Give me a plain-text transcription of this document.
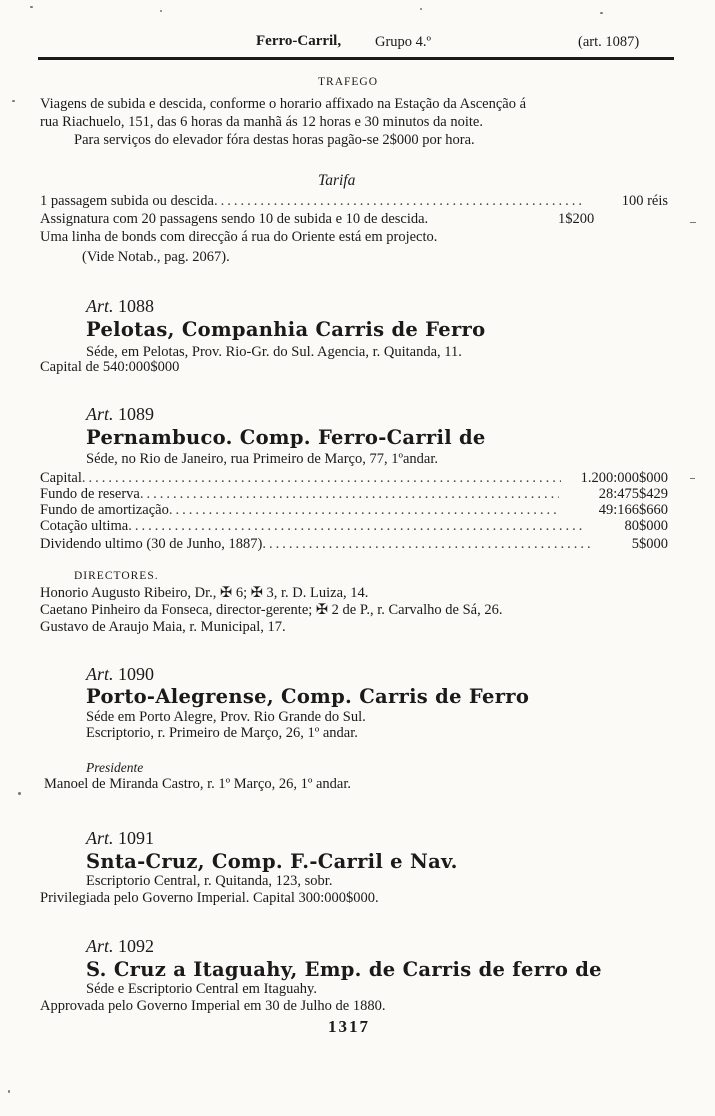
Ferro-Carril, Grupo 4.º	(art. 1087)
TRAFEGO
Viagens de subida e descida, conforme o horario affixado na Estação da Ascenção á
rua Riachuelo, 151, das 6 horas da manhã ás 12 horas e 30 minutos da noite.
Para serviços do elevador fóra destas horas pagão-se 2$000 por hora.
Tarifa
1 passagem subida ou descida .....	100 réis
Assignatura com 20 passagens sendo 10 de subida e 10 de descida.	1$200
Uma linha de bonds com direcção á rua do Oriente está em projecto.
(Vide Notab., pag. 2067).
Art. 1088
Pelotas, Companhia Carris de Ferro
Séde, em Pelotas, Prov. Rio-Gr. do Sul. Agencia, r. Quitanda, 11.
Capital de 540:000$000
Art. 1089
Pernambuco. Comp. Ferro-Carril de
Séde, no Rio de Janeiro, rua Primeiro de Março, 77, 1ºandar.
Capital .....	1.200:000$000
Fundo de reserva .....	28:475$429
Fundo de amortização .....	49:166$660
Cotação ultima .....	80$000
Dividendo ultimo (30 de Junho, 1887) .....	5$000
DIRECTORES.
Honorio Augusto Ribeiro, Dr., ✠ 6; ✠ 3, r. D. Luiza, 14.
Caetano Pinheiro da Fonseca, director-gerente; ✠ 2 de P., r. Carvalho de Sá, 26.
Gustavo de Araujo Maia, r. Municipal, 17.
Art. 1090
Porto-Alegrense, Comp. Carris de Ferro
Séde em Porto Alegre, Prov. Rio Grande do Sul.
Escriptorio, r. Primeiro de Março, 26, 1º andar.
Presidente
Manoel de Miranda Castro, r. 1º Março, 26, 1º andar.
Art. 1091
Snta-Cruz, Comp. F.-Carril e Nav.
Escriptorio Central, r. Quitanda, 123, sobr.
Privilegiada pelo Governo Imperial. Capital 300:000$000.
Art. 1092
S. Cruz a Itaguahy, Emp. de Carris de ferro de
Séde e Escriptorio Central em Itaguahy.
Approvada pelo Governo Imperial em 30 de Julho de 1880.
1317
